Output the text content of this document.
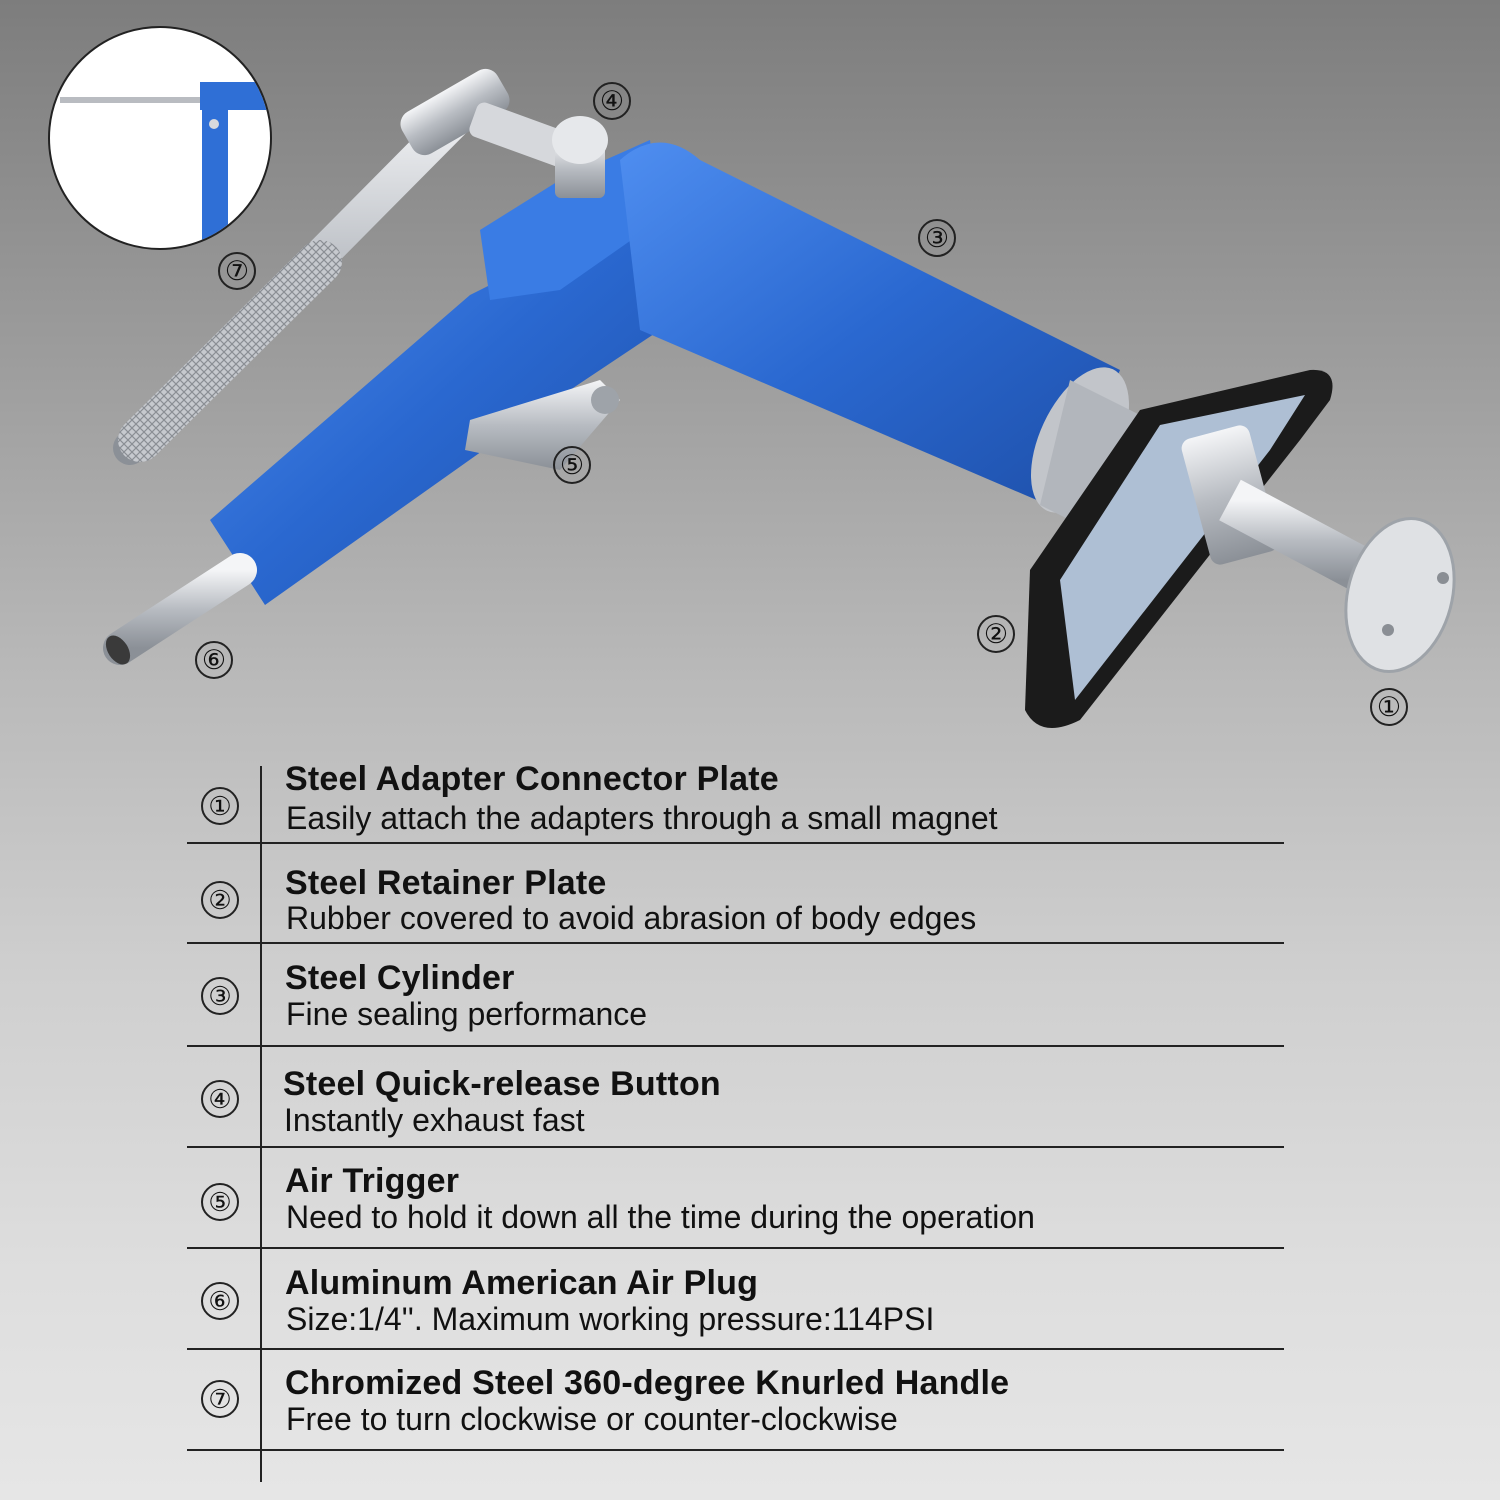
④
③
⑦
⑤
②
⑥
①
①
Steel Adapter Connector Plate
Easily attach the adapters through a small magnet
② Steel Retainer Plate
Rubber covered to avoid abrasion of body edges
③ Steel Cylinder
Fine sealing performance
④ Steel Quick-release Button
Instantly exhaust fast
⑤
Air Trigger
Need to hold it down all the time during the operation
⑥ Aluminum American Air Plug
Size:1/4''. Maximum working pressure:114PSI
⑦ Chromized Steel 360-degree Knurled Handle
Free to turn clockwise or counter-clockwise
